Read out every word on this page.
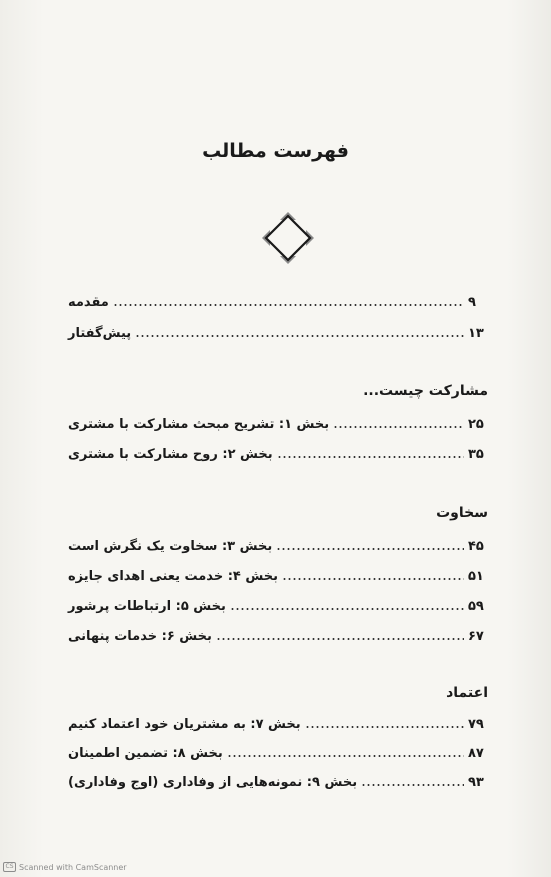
فهرست مطالب
مقدمه	۹
پیش‌گفتار	۱۳
مشارکت چیست...
بخش ۱: تشریح مبحث مشارکت با مشتری	۲۵
بخش ۲: روح مشارکت با مشتری	۳۵
سخاوت
بخش ۳: سخاوت یک نگرش است	۴۵
بخش ۴: خدمت یعنی اهدای جایزه	۵۱
بخش ۵: ارتباطات پرشور	۵۹
بخش ۶: خدمات پنهانی	۶۷
اعتماد
بخش ۷: به مشتریان خود اعتماد کنیم	۷۹
بخش ۸: تضمین اطمینان	۸۷
بخش ۹: نمونه‌هایی از وفاداری (اوج وفاداری)	۹۳
CS Scanned with CamScanner
